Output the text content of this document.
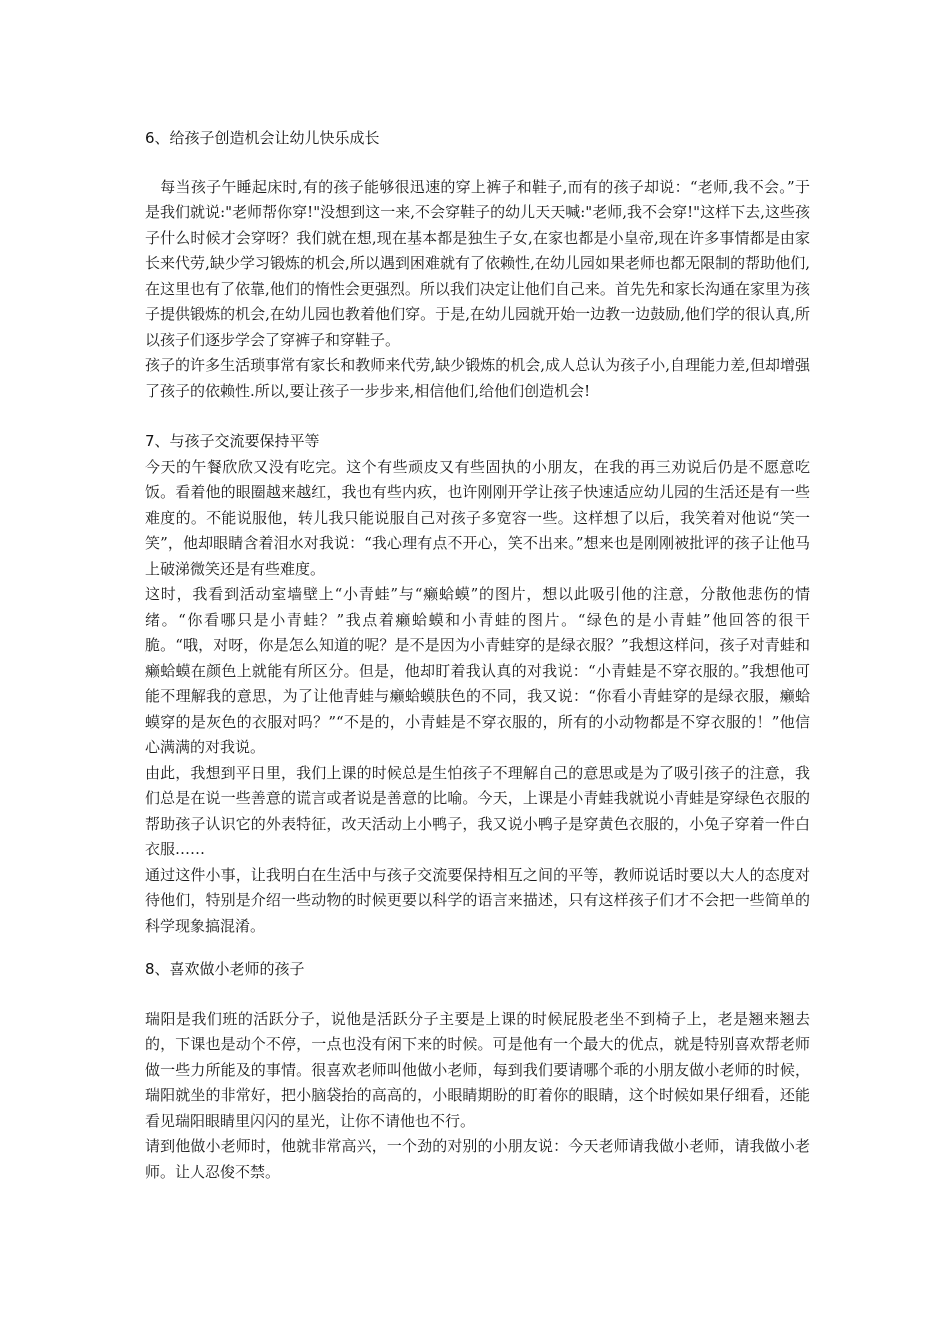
6、给孩子创造机会让幼儿快乐成长

　每当孩子午睡起床时,有的孩子能够很迅速的穿上裤子和鞋子,而有的孩子却说：“老师,我不会。”于是我们就说:"老师帮你穿!"没想到这一来,不会穿鞋子的幼儿天天喊:"老师,我不会穿!"这样下去,这些孩子什么时候才会穿呀？我们就在想,现在基本都是独生子女,在家也都是小皇帝,现在许多事情都是由家长来代劳,缺少学习锻炼的机会,所以遇到困难就有了依赖性,在幼儿园如果老师也都无限制的帮助他们,在这里也有了依靠,他们的惰性会更强烈。所以我们决定让他们自己来。首先先和家长沟通在家里为孩子提供锻炼的机会,在幼儿园也教着他们穿。于是,在幼儿园就开始一边教一边鼓励,他们学的很认真,所以孩子们逐步学会了穿裤子和穿鞋子。

孩子的许多生活琐事常有家长和教师来代劳,缺少锻炼的机会,成人总认为孩子小,自理能力差,但却增强了孩子的依赖性.所以,要让孩子一步步来,相信他们,给他们创造机会!

7、与孩子交流要保持平等

今天的午餐欣欣又没有吃完。这个有些顽皮又有些固执的小朋友，在我的再三劝说后仍是不愿意吃饭。看着他的眼圈越来越红，我也有些内疚，也许刚刚开学让孩子快速适应幼儿园的生活还是有一些难度的。不能说服他，转儿我只能说服自己对孩子多宽容一些。这样想了以后，我笑着对他说“笑一笑”，他却眼睛含着泪水对我说：“我心理有点不开心，笑不出来。”想来也是刚刚被批评的孩子让他马上破涕微笑还是有些难度。

这时，我看到活动室墙壁上“小青蛙”与“癞蛤蟆”的图片，想以此吸引他的注意，分散他悲伤的情绪。“你看哪只是小青蛙？”我点着癞蛤蟆和小青蛙的图片。“绿色的是小青蛙”他回答的很干脆。“哦，对呀，你是怎么知道的呢？是不是因为小青蛙穿的是绿衣服？”我想这样问，孩子对青蛙和癞蛤蟆在颜色上就能有所区分。但是，他却盯着我认真的对我说：“小青蛙是不穿衣服的。”我想他可能不理解我的意思，为了让他青蛙与癞蛤蟆肤色的不同，我又说：“你看小青蛙穿的是绿衣服，癞蛤蟆穿的是灰色的衣服对吗？”“不是的，小青蛙是不穿衣服的，所有的小动物都是不穿衣服的！”他信心满满的对我说。

由此，我想到平日里，我们上课的时候总是生怕孩子不理解自己的意思或是为了吸引孩子的注意，我们总是在说一些善意的谎言或者说是善意的比喻。今天，上课是小青蛙我就说小青蛙是穿绿色衣服的帮助孩子认识它的外表特征，改天活动上小鸭子，我又说小鸭子是穿黄色衣服的，小兔子穿着一件白衣服……

通过这件小事，让我明白在生活中与孩子交流要保持相互之间的平等，教师说话时要以大人的态度对待他们，特别是介绍一些动物的时候更要以科学的语言来描述，只有这样孩子们才不会把一些简单的科学现象搞混淆。

8、喜欢做小老师的孩子

瑞阳是我们班的活跃分子，说他是活跃分子主要是上课的时候屁股老坐不到椅子上，老是翘来翘去的，下课也是动个不停，一点也没有闲下来的时候。可是他有一个最大的优点，就是特别喜欢帮老师做一些力所能及的事情。很喜欢老师叫他做小老师，每到我们要请哪个乖的小朋友做小老师的时候，瑞阳就坐的非常好，把小脑袋抬的高高的，小眼睛期盼的盯着你的眼睛，这个时候如果仔细看，还能看见瑞阳眼睛里闪闪的星光，让你不请他也不行。

请到他做小老师时，他就非常高兴，一个劲的对别的小朋友说：今天老师请我做小老师，请我做小老师。让人忍俊不禁。
